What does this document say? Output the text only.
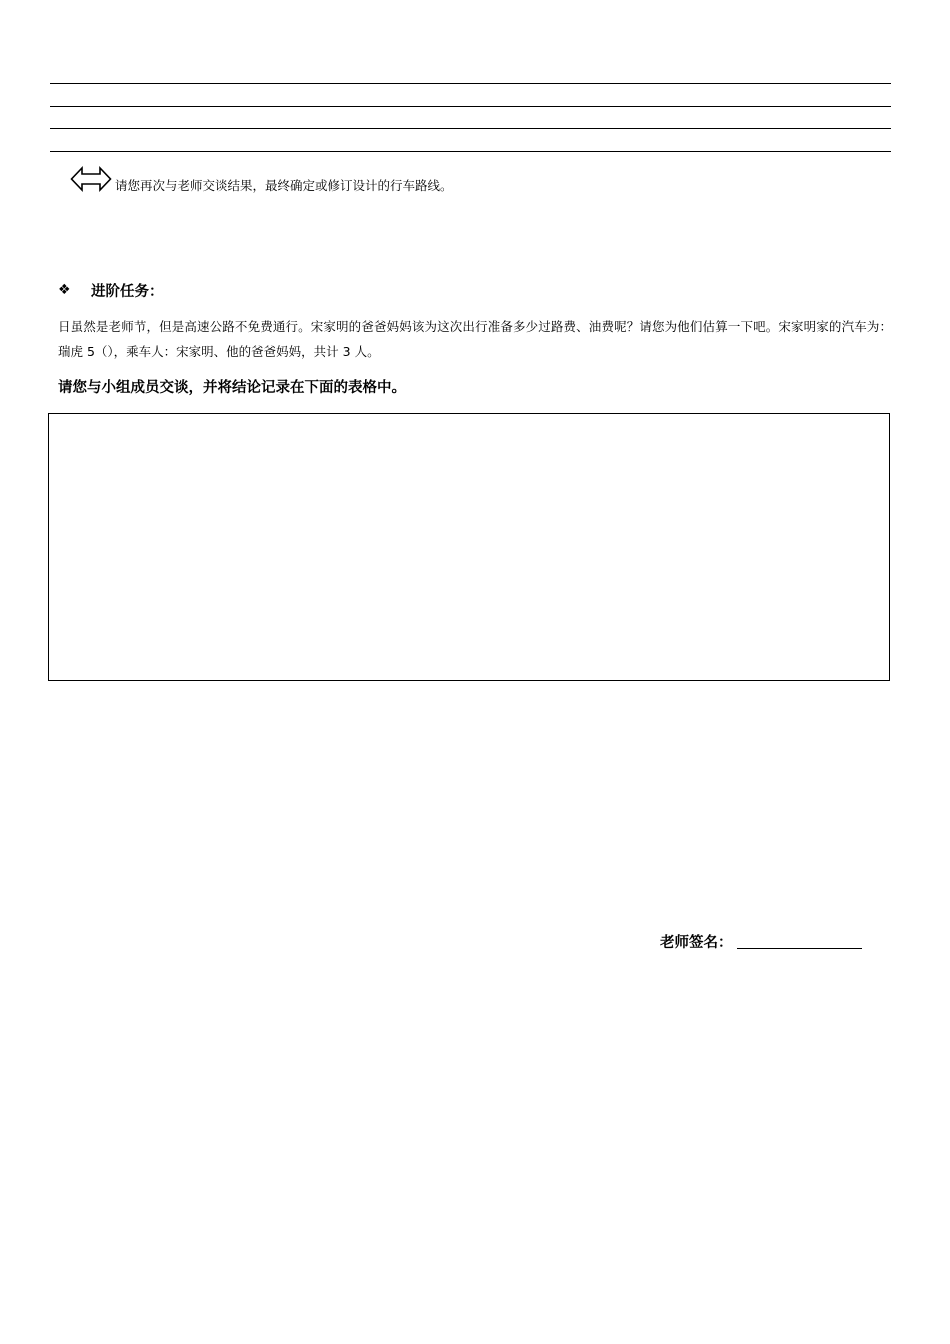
请您再次与老师交谈结果，最终确定或修订设计的行车路线。
❖	进阶任务：
日虽然是老师节，但是高速公路不免费通行。宋家明的爸爸妈妈该为这次出行准备多少过路费、油费呢？请您为他们估算一下吧。宋家明家的汽车为：瑞虎 5（），乘车人：宋家明、他的爸爸妈妈，共计 3 人。
请您与小组成员交谈，并将结论记录在下面的表格中。
老师签名：
